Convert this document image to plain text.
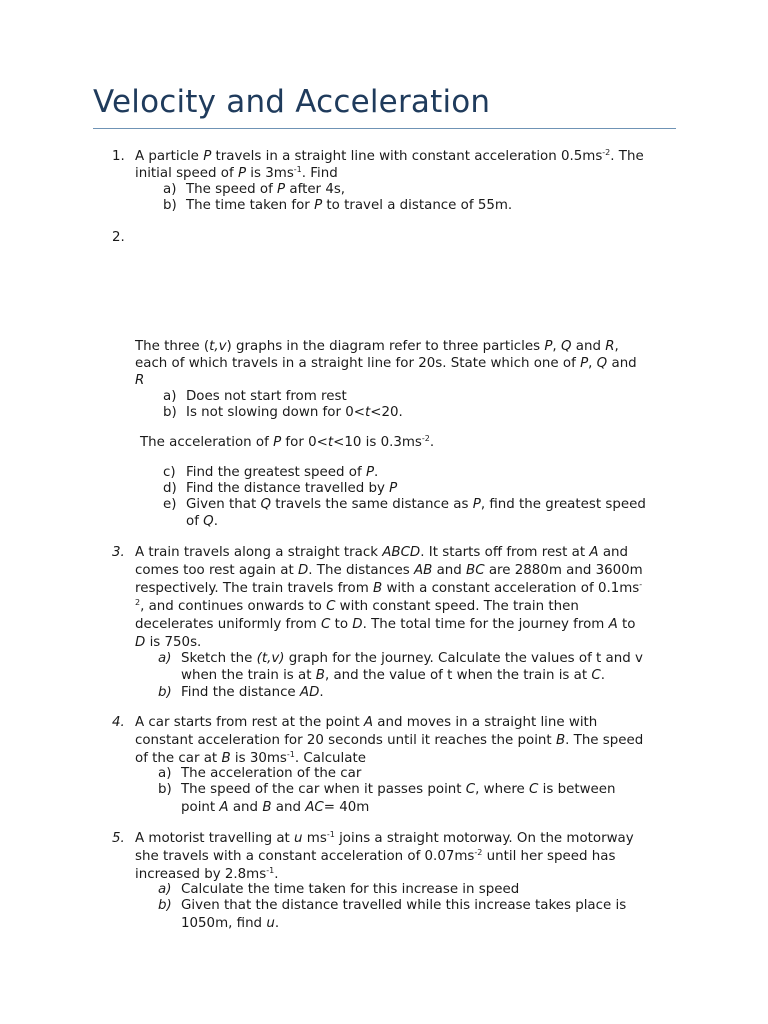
Velocity and Acceleration
1. A particle P travels in a straight line with constant acceleration $0.5ms^{-2}$. The
initial speed of P is $3ms^{-1}$. Find
a) The speed of P after 4s,
b) The time taken for P to travel a distance of 55m.
2.
The three (t,v) graphs in the diagram refer to three particles P, Q and R,
each of which travels in a straight line for 20s. State which one of P, Q and
R
a) Does not start from rest
b) Is not slowing down for 0<t<20.
The acceleration of P for 0<t<10 is $0.3ms^{-2}$.
c) Find the greatest speed of P.
d) Find the distance travelled by P
e) Given that Q travels the same distance as P, find the greatest speed
of Q.
3. A train travels along a straight track ABCD. It starts off from rest at A and
comes too rest again at D. The distances AB and BC are 2880m and 3600m
respectively. The train travels from B with a constant acceleration of 0.1ms-
$^2$, and continues onwards to C with constant speed. The train then
decelerates uniformly from C to D. The total time for the journey from A to
D is 750s.
a) Sketch the (t,v) graph for the journey. Calculate the values of t and v
when the train is at B, and the value of t when the train is at C.
b) Find the distance AD.
4. A car starts from rest at the point A and moves in a straight line with
constant acceleration for 20 seconds until it reaches the point B. The speed
of the car at B is $30ms^{-1}$. Calculate
a) The acceleration of the car
b) The speed of the car when it passes point C, where C is between
point A and B and AC= 40m
5. A motorist travelling at u $ms^{-1}$ joins a straight motorway. On the motorway
she travels with a constant acceleration of $0.07ms^{-2}$ until her speed has
increased by $2.8ms^{-1}$.
a) Calculate the time taken for this increase in speed
b) Given that the distance travelled while this increase takes place is
1050m, find u.
